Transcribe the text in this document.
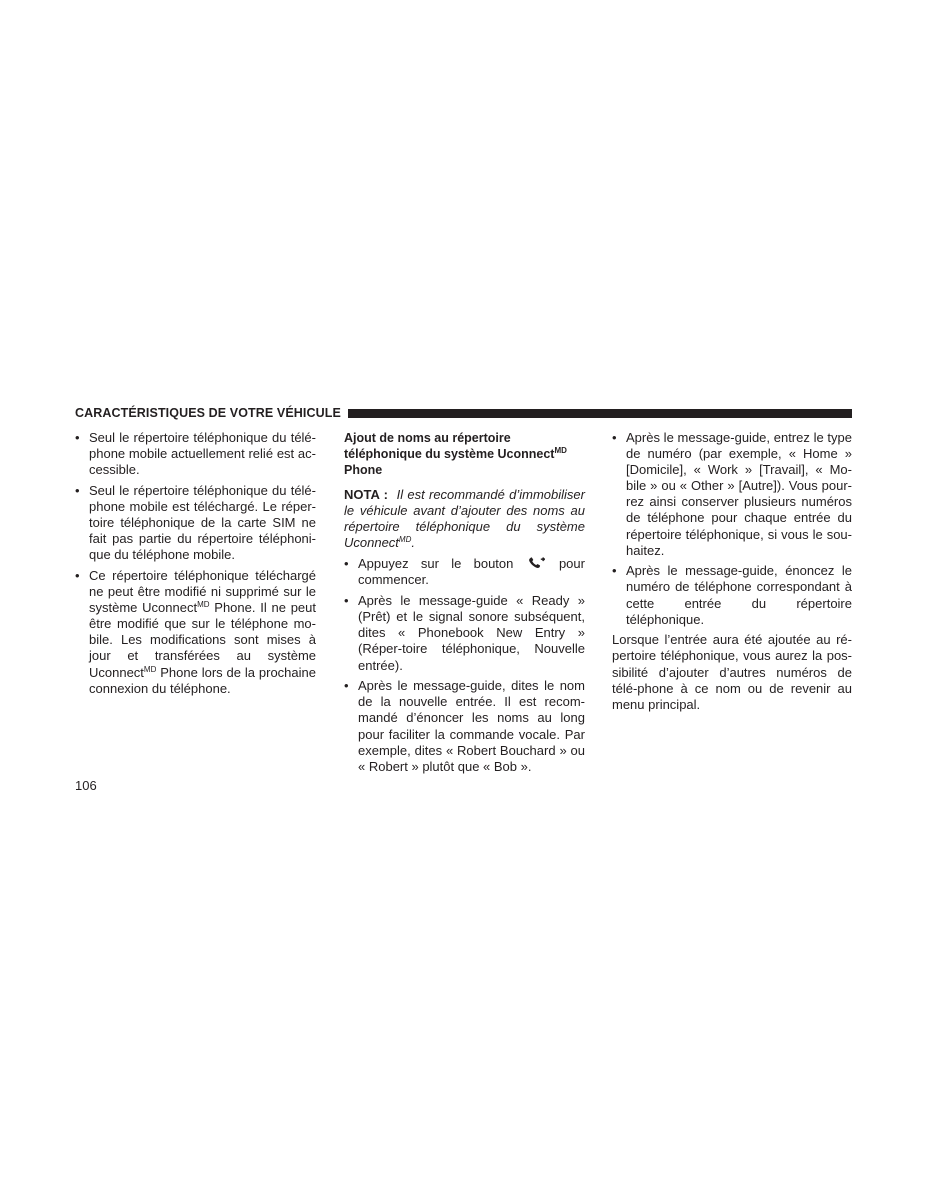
CARACTÉRISTIQUES DE VOTRE VÉHICULE
• Seul le répertoire téléphonique du télé-phone mobile actuellement relié est ac-cessible.
• Seul le répertoire téléphonique du télé-phone mobile est téléchargé. Le réper-toire téléphonique de la carte SIM ne fait pas partie du répertoire téléphoni-que du téléphone mobile.
• Ce répertoire téléphonique téléchargé ne peut être modifié ni supprimé sur le système Uconnect$^{MD}$ Phone. Il ne peut être modifié que sur le téléphone mo-bile. Les modifications sont mises à jour et transférées au système Uconnect$^{MD}$ Phone lors de la prochaine connexion du téléphone.

Ajout de noms au répertoire téléphonique du système Uconnect$^{MD}$ Phone

NOTA : Il est recommandé d’immobiliser le véhicule avant d’ajouter des noms au répertoire téléphonique du système Uconnect$^{MD}$.

• Appuyez sur le bouton	pour commencer.
• Après le message-guide « Ready » (Prêt) et le signal sonore subséquent, dites « Phonebook New Entry » (Réper-toire téléphonique, Nouvelle entrée).
• Après le message-guide, dites le nom de la nouvelle entrée. Il est recom-mandé d’énoncer les noms au long pour faciliter la commande vocale. Par exemple, dites « Robert Bouchard » ou « Robert » plutôt que « Bob ».
• Après le message-guide, entrez le type de numéro (par exemple, « Home » [Domicile], « Work » [Travail], « Mo-bile » ou « Other » [Autre]). Vous pour-rez ainsi conserver plusieurs numéros de téléphone pour chaque entrée du répertoire téléphonique, si vous le sou-haitez.
• Après le message-guide, énoncez le numéro de téléphone correspondant à cette entrée du répertoire téléphonique.

Lorsque l’entrée aura été ajoutée au ré-pertoire téléphonique, vous aurez la pos-sibilité d’ajouter d’autres numéros de télé-phone à ce nom ou de revenir au menu principal.

106
